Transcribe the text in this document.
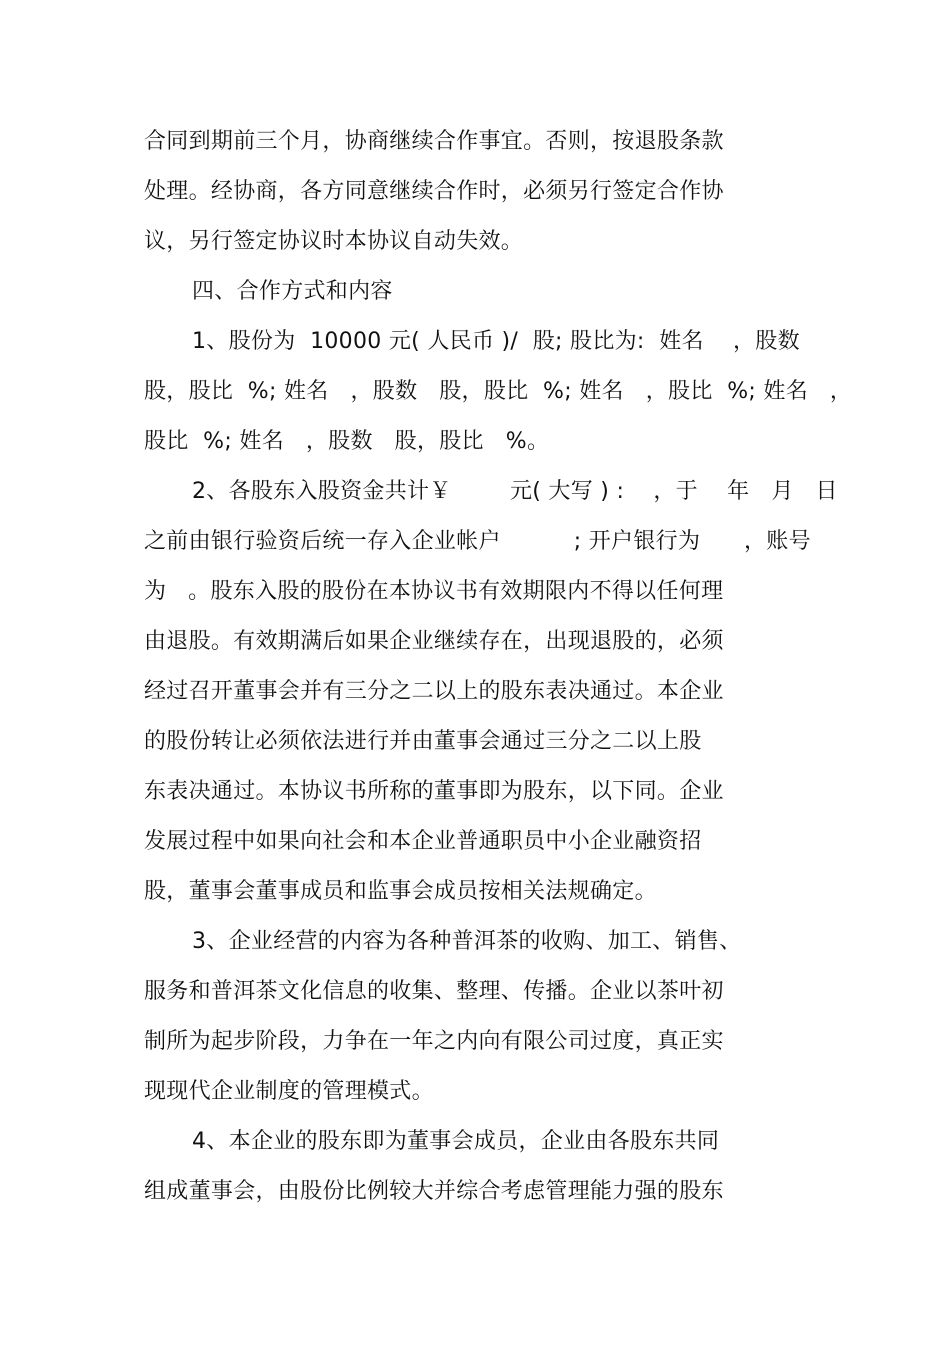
合同到期前三个月，协商继续合作事宜。否则，按退股条款
处理。经协商，各方同意继续合作时，必须另行签定合作协
议，另行签定协议时本协议自动失效。
四、合作方式和内容
1、股份为  10000 元( 人民币 )/  股; 股比为:  姓名    ，股数
股，股比  %; 姓名   ，股数   股，股比  %; 姓名   ，股比  %; 姓名   ，
股比  %; 姓名   ，股数   股，股比   %。
2、各股东入股资金共计￥        元( 大写 ) :    ，于    年   月   日
之前由银行验资后统一存入企业帐户          ; 开户银行为      ，账号
为   。股东入股的股份在本协议书有效期限内不得以任何理
由退股。有效期满后如果企业继续存在，出现退股的，必须
经过召开董事会并有三分之二以上的股东表决通过。本企业
的股份转让必须依法进行并由董事会通过三分之二以上股
东表决通过。本协议书所称的董事即为股东，以下同。企业
发展过程中如果向社会和本企业普通职员中小企业融资招
股，董事会董事成员和监事会成员按相关法规确定。
3、企业经营的内容为各种普洱茶的收购、加工、销售、
服务和普洱茶文化信息的收集、整理、传播。企业以茶叶初
制所为起步阶段，力争在一年之内向有限公司过度，真正实
现现代企业制度的管理模式。
4、本企业的股东即为董事会成员，企业由各股东共同
组成董事会，由股份比例较大并综合考虑管理能力强的股东
